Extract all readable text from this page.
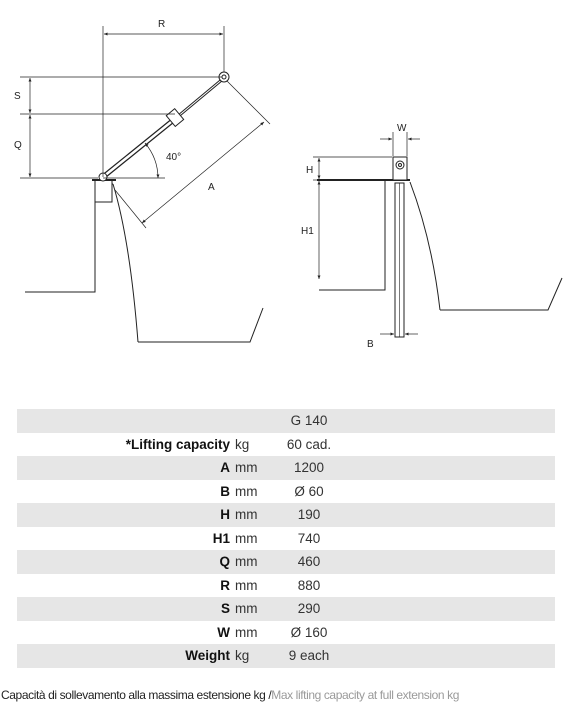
R
S
Q
40°
A
W
H
H1
B
		G 140	
*Lifting capacity	kg	60 cad.	
A	mm	1200	
B	mm	Ø 60	
H	mm	190	
H1	mm	740	
Q	mm	460	
R	mm	880	
S	mm	290	
W	mm	Ø 160	
Weight	kg	9 each	
Capacità di sollevamento alla massima estensione kg /Max lifting capacity at full extension kg
